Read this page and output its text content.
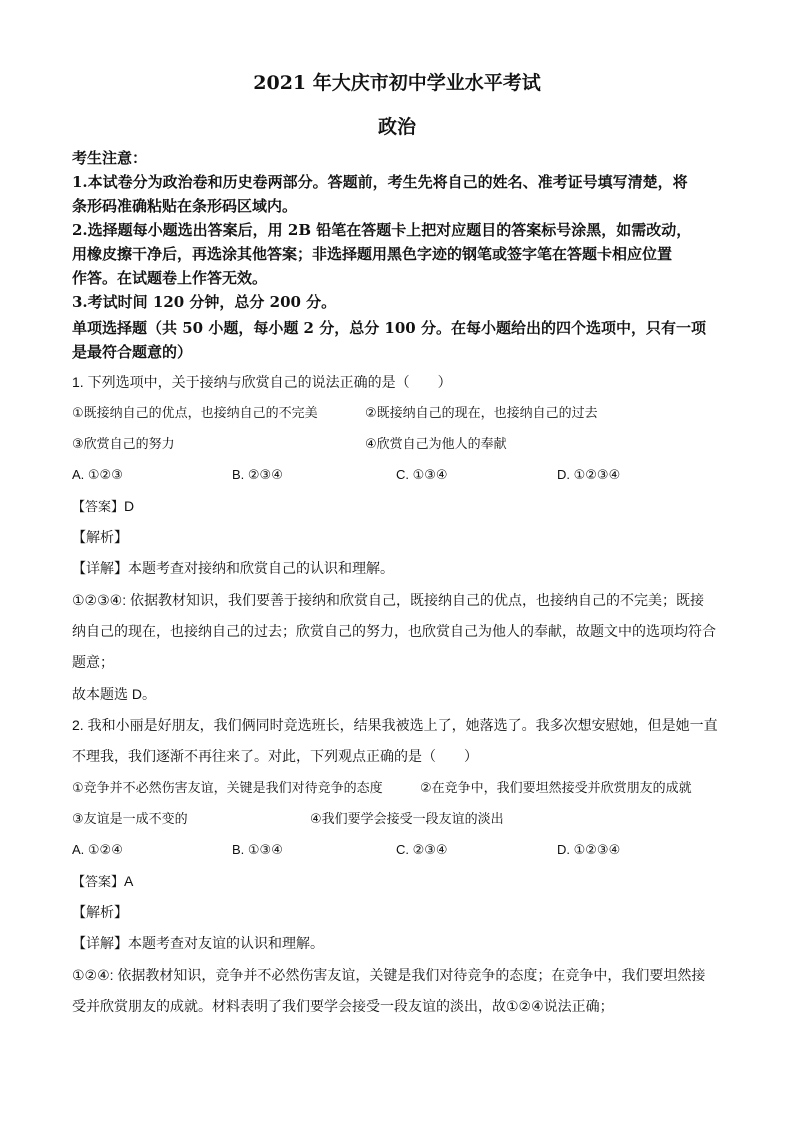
2021 年大庆市初中学业水平考试
政治
考生注意：
1.本试卷分为政治卷和历史卷两部分。答题前，考生先将自己的姓名、准考证号填写清楚，将
条形码准确粘贴在条形码区域内。
2.选择题每小题选出答案后，用 2B 铅笔在答题卡上把对应题目的答案标号涂黑，如需改动，
用橡皮擦干净后，再选涂其他答案；非选择题用黑色字迹的钢笔或签字笔在答题卡相应位置
作答。在试题卷上作答无效。
3.考试时间 120 分钟，总分 200 分。
单项选择题（共 50 小题，每小题 2 分，总分 100 分。在每小题给出的四个选项中，只有一项
是最符合题意的）
1. 下列选项中，关于接纳与欣赏自己的说法正确的是（　　）
①既接纳自己的优点，也接纳自己的不完美	②既接纳自己的现在，也接纳自己的过去
③欣赏自己的努力	④欣赏自己为他人的奉献
A. ①②③	B. ②③④	C. ①③④	D. ①②③④
【答案】D
【解析】
【详解】本题考查对接纳和欣赏自己的认识和理解。
①②③④: 依据教材知识，我们要善于接纳和欣赏自己，既接纳自己的优点，也接纳自己的不完美；既接
纳自己的现在，也接纳自己的过去；欣赏自己的努力，也欣赏自己为他人的奉献，故题文中的选项均符合
题意；
故本题选 D。
2. 我和小丽是好朋友，我们俩同时竞选班长，结果我被选上了，她落选了。我多次想安慰她，但是她一直
不理我，我们逐渐不再往来了。对此，下列观点正确的是（　　）
①竞争并不必然伤害友谊，关键是我们对待竞争的态度	②在竞争中，我们要坦然接受并欣赏朋友的成就
③友谊是一成不变的	④我们要学会接受一段友谊的淡出
A. ①②④	B. ①③④	C. ②③④	D. ①②③④
【答案】A
【解析】
【详解】本题考查对友谊的认识和理解。
①②④: 依据教材知识，竞争并不必然伤害友谊，关键是我们对待竞争的态度；在竞争中，我们要坦然接
受并欣赏朋友的成就。材料表明了我们要学会接受一段友谊的淡出，故①②④说法正确；
